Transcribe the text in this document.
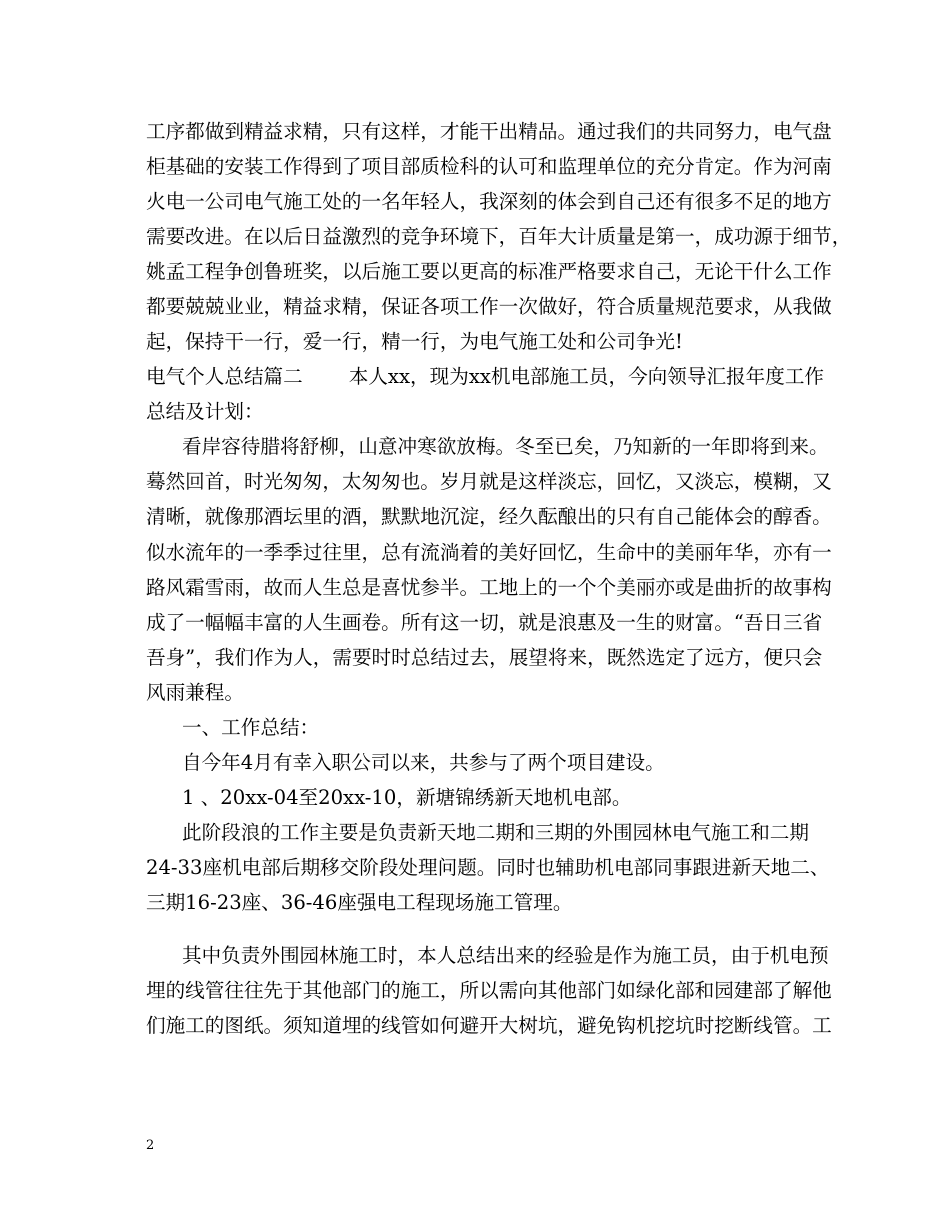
工序都做到精益求精，只有这样，才能干出精品。通过我们的共同努力，电气盘
柜基础的安装工作得到了项目部质检科的认可和监理单位的充分肯定。作为河南
火电一公司电气施工处的一名年轻人，我深刻的体会到自己还有很多不足的地方
需要改进。在以后日益激烈的竞争环境下，百年大计质量是第一，成功源于细节，
姚孟工程争创鲁班奖，以后施工要以更高的标准严格要求自己，无论干什么工作
都要兢兢业业，精益求精，保证各项工作一次做好，符合质量规范要求，从我做
起，保持干一行，爱一行，精一行，为电气施工处和公司争光!
电气个人总结篇二 本人xx，现为xx机电部施工员，今向领导汇报年度工作
总结及计划：
看岸容待腊将舒柳，山意冲寒欲放梅。冬至已矣，乃知新的一年即将到来。
蓦然回首，时光匆匆，太匆匆也。岁月就是这样淡忘，回忆，又淡忘，模糊，又
清晰，就像那酒坛里的酒，默默地沉淀，经久酝酿出的只有自己能体会的醇香。
似水流年的一季季过往里，总有流淌着的美好回忆，生命中的美丽年华，亦有一
路风霜雪雨，故而人生总是喜忧参半。工地上的一个个美丽亦或是曲折的故事构
成了一幅幅丰富的人生画卷。所有这一切，就是浪惠及一生的财富。“吾日三省
吾身”，我们作为人，需要时时总结过去，展望将来，既然选定了远方，便只会
风雨兼程。
一、工作总结：
自今年4月有幸入职公司以来，共参与了两个项目建设。
1 、20xx-04至20xx-10，新塘锦绣新天地机电部。
此阶段浪的工作主要是负责新天地二期和三期的外围园林电气施工和二期
24-33座机电部后期移交阶段处理问题。同时也辅助机电部同事跟进新天地二、
三期16-23座、36-46座强电工程现场施工管理。
其中负责外围园林施工时，本人总结出来的经验是作为施工员，由于机电预
埋的线管往往先于其他部门的施工，所以需向其他部门如绿化部和园建部了解他
们施工的图纸。须知道埋的线管如何避开大树坑，避免钩机挖坑时挖断线管。工
2
